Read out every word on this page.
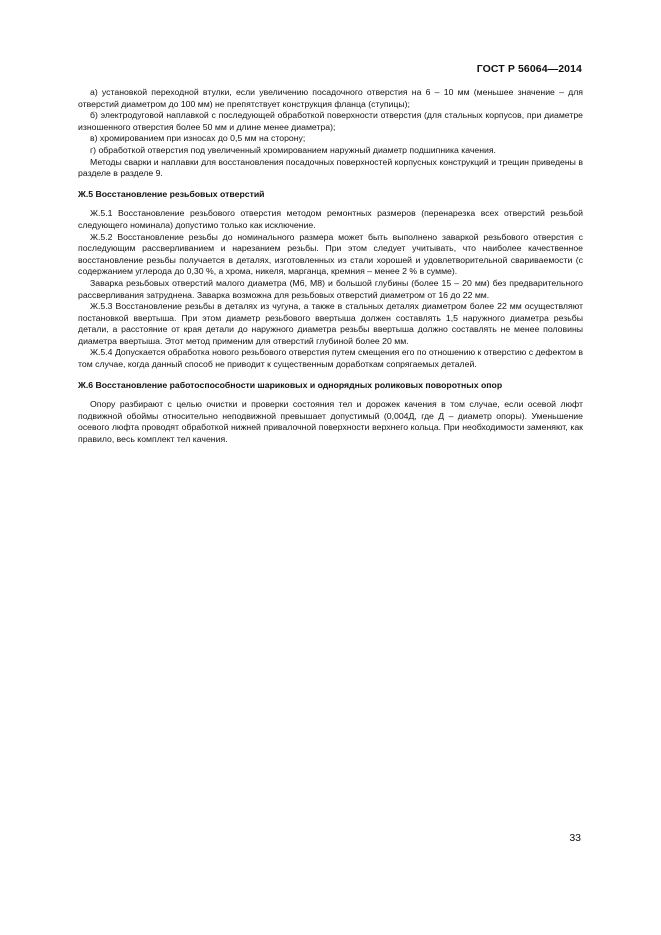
ГОСТ Р 56064—2014

а) установкой переходной втулки, если увеличению посадочного отверстия на 6 – 10 мм (меньшее значение – для отверстий диаметром до 100 мм) не препятствует конструкция фланца (ступицы);

б) электродуговой наплавкой с последующей обработкой поверхности отверстия (для стальных корпусов, при диаметре изношенного отверстия более 50 мм и длине менее диаметра);

в) хромированием при износах до 0,5 мм на сторону;

г) обработкой отверстия под увеличенный хромированием наружный диаметр подшипника качения.

Методы сварки и наплавки для восстановления посадочных поверхностей корпусных конструкций и трещин приведены в разделе в разделе 9.

Ж.5 Восстановление резьбовых отверстий

Ж.5.1 Восстановление резьбового отверстия методом ремонтных размеров (перенарезка всех отверстий резьбой следующего номинала) допустимо только как исключение.

Ж.5.2 Восстановление резьбы до номинального размера может быть выполнено заваркой резьбового отверстия с последующим рассверливанием и нарезанием резьбы. При этом следует учитывать, что наиболее качественное восстановление резьбы получается в деталях, изготовленных из стали хорошей и удовлетворительной свариваемости (с содержанием углерода до 0,30 %, а хрома, никеля, марганца, кремния – менее 2 % в сумме).

Заварка резьбовых отверстий малого диаметра (М6, М8) и большой глубины (более 15 – 20 мм) без предварительного рассверливания затруднена. Заварка возможна для резьбовых отверстий диаметром от 16 до 22 мм.

Ж.5.3 Восстановление резьбы в деталях из чугуна, а также в стальных деталях диаметром более 22 мм осуществляют постановкой ввертыша. При этом диаметр резьбового ввертыша должен составлять 1,5 наружного диаметра резьбы детали, а расстояние от края детали до наружного диаметра резьбы ввертыша должно составлять не менее половины диаметра ввертыша. Этот метод применим для отверстий глубиной более 20 мм.

Ж.5.4 Допускается обработка нового резьбового отверстия путем смещения его по отношению к отверстию с дефектом в том случае, когда данный способ не приводит к существенным доработкам сопрягаемых деталей.

Ж.6 Восстановление работоспособности шариковых и однорядных роликовых поворотных опор

Опору разбирают с целью очистки и проверки состояния тел и дорожек качения в том случае, если осевой люфт подвижной обоймы относительно неподвижной превышает допустимый (0,004Д, где Д – диаметр опоры). Уменьшение осевого люфта проводят обработкой нижней привалочной поверхности верхнего кольца. При необходимости заменяют, как правило, весь комплект тел качения.

33
